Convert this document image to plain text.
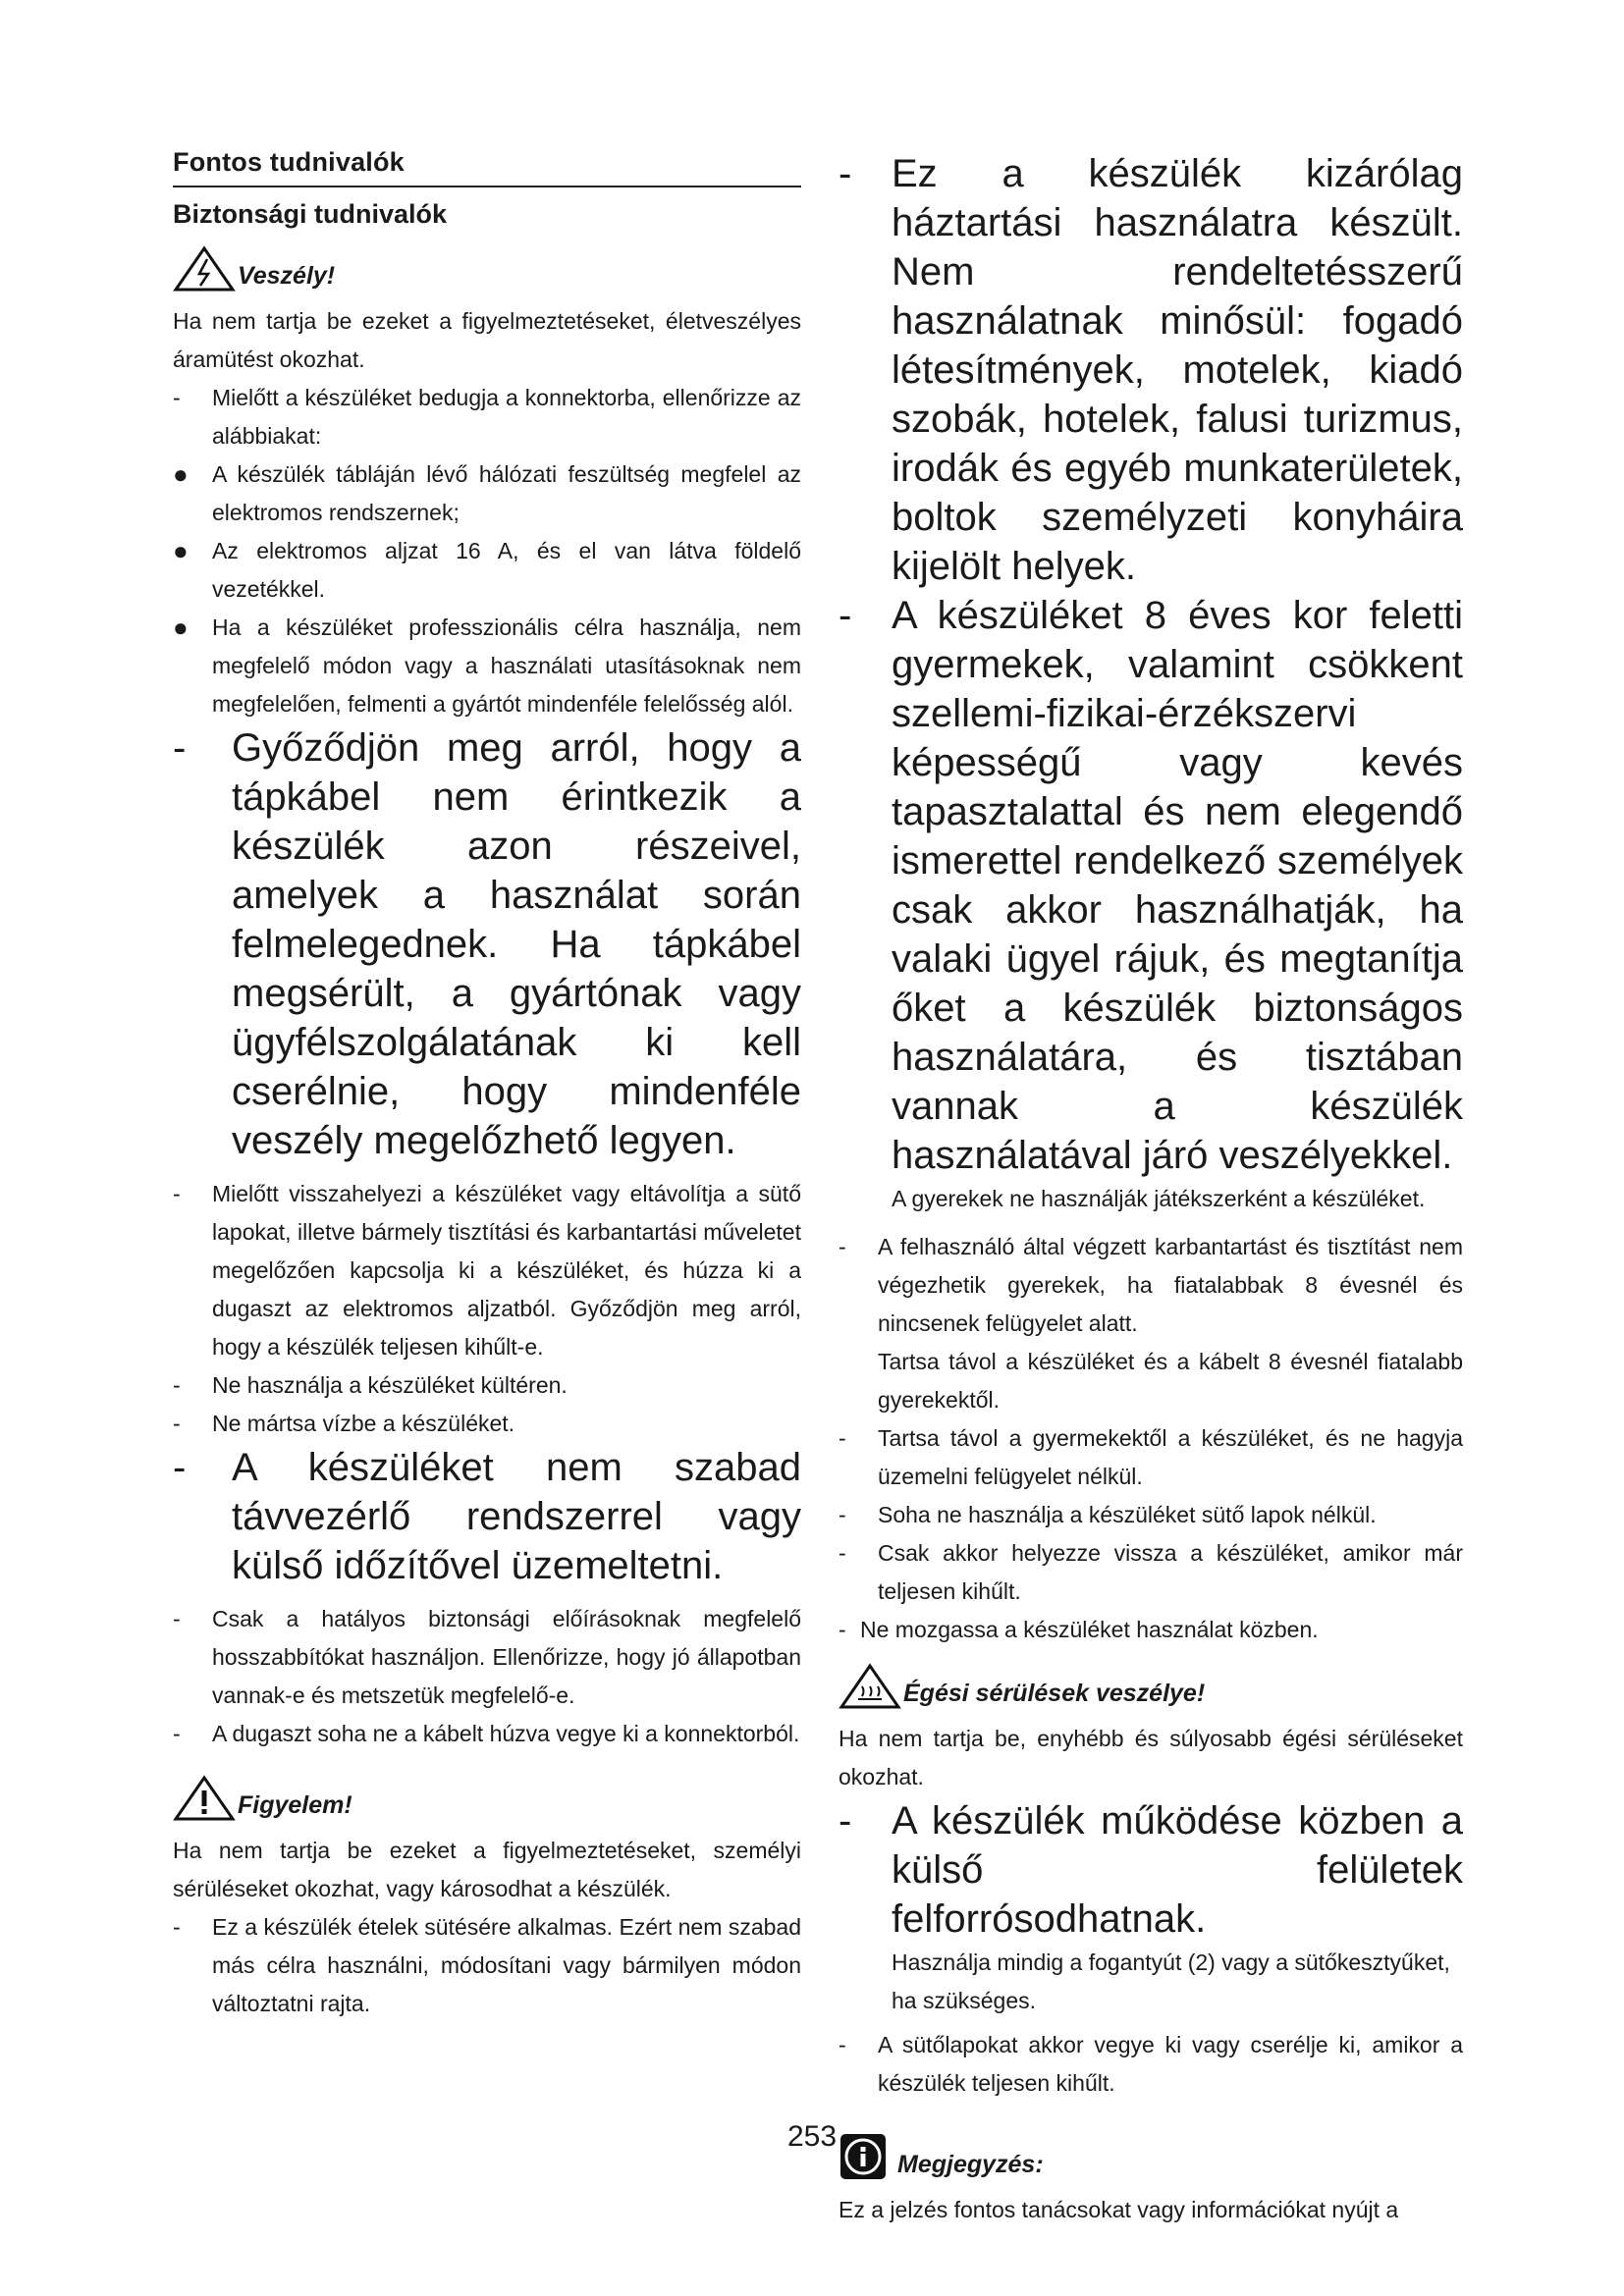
Fontos tudnivalók
Biztonsági tudnivalók
Veszély!

Ha nem tartja be ezeket a figyelmeztetéseket, életveszélyes áramütést okozhat.

-	Mielőtt a készüléket bedugja a konnektorba, ellenőrizze az alábbiakat:
●	A készülék tábláján lévő hálózati feszültség megfelel az elektromos rendszernek;
●	Az elektromos aljzat 16 A, és el van látva földelő vezetékkel.
●	Ha a készüléket professzionális célra használja, nem megfelelő módon vagy a használati utasításoknak nem megfelelően, felmenti a gyártót mindenféle felelősség alól.
-	Győződjön meg arról, hogy a tápkábel nem érintkezik a készülék azon részeivel, amelyek a használat során felmelegednek. Ha tápkábel megsérült, a gyártónak vagy ügyfélszolgálatának ki kell cserélnie, hogy mindenféle veszély megelőzhető legyen.
-	Mielőtt visszahelyezi a készüléket vagy eltávolítja a sütő lapokat, illetve bármely tisztítási és karbantartási műveletet megelőzően kapcsolja ki a készüléket, és húzza ki a dugaszt az elektromos aljzatból. Győződjön meg arról, hogy a készülék teljesen kihűlt-e.
-	Ne használja a készüléket kültéren.
-	Ne mártsa vízbe a készüléket.
-	A készüléket nem szabad távvezérlő rendszerrel vagy külső időzítővel üzemeltetni.
-	Csak a hatályos biztonsági előírásoknak megfelelő hosszabbítókat használjon. Ellenőrizze, hogy jó állapotban vannak-e és metszetük megfelelő-e.
-	A dugaszt soha ne a kábelt húzva vegye ki a konnektorból.
Figyelem!

Ha nem tartja be ezeket a figyelmeztetéseket, személyi sérüléseket okozhat, vagy károsodhat a készülék.

-	Ez a készülék ételek sütésére alkalmas. Ezért nem szabad más célra használni, módosítani vagy bármilyen módon változtatni rajta.
-	Ez a készülék kizárólag háztartási használatra készült. Nem rendeltetésszerű használatnak minősül: fogadó létesítmények, motelek, kiadó szobák, hotelek, falusi turizmus, irodák és egyéb munkaterületek, boltok személyzeti konyháira kijelölt helyek.
-	A készüléket 8 éves kor feletti gyermekek, valamint csökkent szellemi-fizikai-érzékszervi képességű vagy kevés tapasztalattal és nem elegendő ismerettel rendelkező személyek csak akkor használhatják, ha valaki ügyel rájuk, és megtanítja őket a készülék biztonságos használatára, és tisztában vannak a készülék használatával járó veszélyekkel.

A gyerekek ne használják játékszerként a készüléket.

-	A felhasználó által végzett karbantartást és tisztítást nem végezhetik gyerekek, ha fiatalabbak 8 évesnél és nincsenek felügyelet alatt.

Tartsa távol a készüléket és a kábelt 8 évesnél fiatalabb gyerekektől.

-	Tartsa távol a gyermekektől a készüléket, és ne hagyja üzemelni felügyelet nélkül.
-	Soha ne használja a készüléket sütő lapok nélkül.
-	Csak akkor helyezze vissza a készüléket, amikor már teljesen kihűlt.
- Ne mozgassa a készüléket használat közben.
Égési sérülések veszélye!

Ha nem tartja be, enyhébb és súlyosabb égési sérüléseket okozhat.

-	A készülék működése közben a külső felületek felforrósodhatnak.

Használja mindig a fogantyút (2) vagy a sütőkesztyűket, ha szükséges.

-	A sütőlapokat akkor vegye ki vagy cserélje ki, amikor a készülék teljesen kihűlt.
Megjegyzés:

Ez a jelzés fontos tanácsokat vagy információkat nyújt a

253
